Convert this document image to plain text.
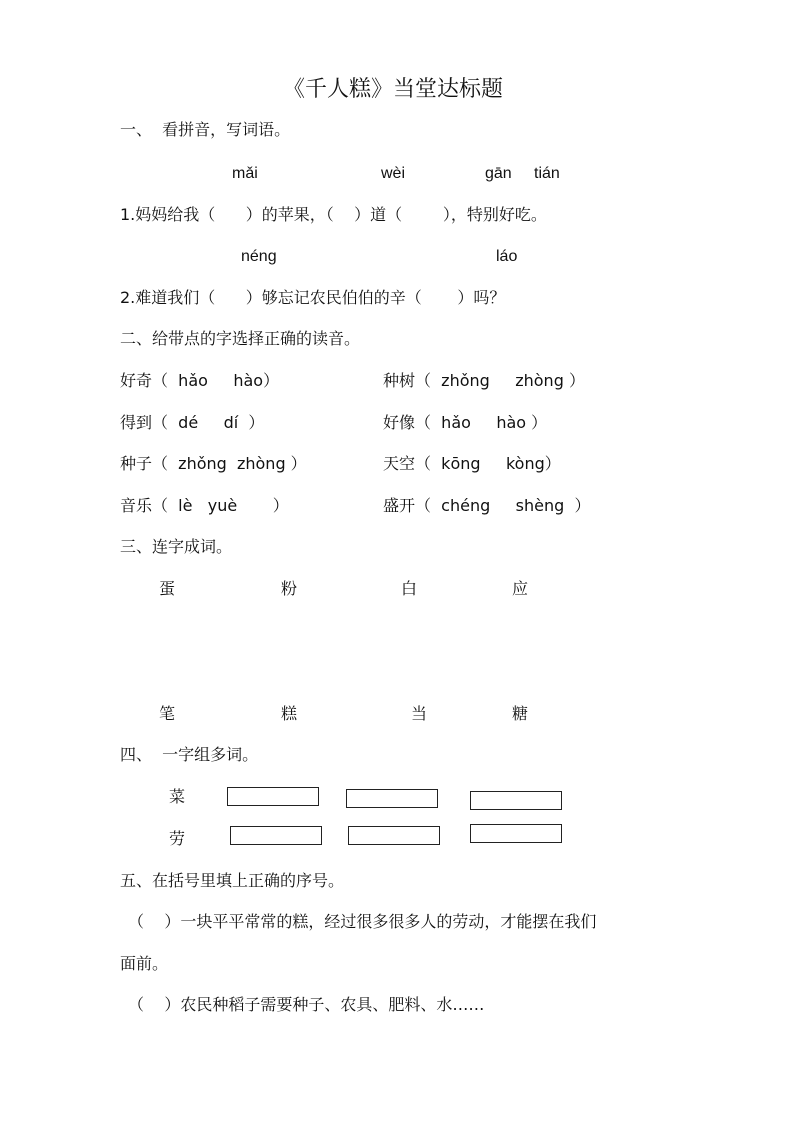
《千人糕》当堂达标题
一、  看拼音，写词语。
mǎi	wèi	gān tián
1.妈妈给我（      ）的苹果，（    ）道（        ），特别好吃。
néng	láo
2.难道我们（      ）够忘记农民伯伯的辛（       ）吗？
二、给带点的字选择正确的读音。
好奇（  hǎo     hào）	种树（  zhǒng     zhòng ）
得到（  dé     dí  ）	好像（  hǎo     hào ）
种子（  zhǒng  zhòng ）	天空（  kōng     kòng）
音乐（  lè   yuè       ）	盛开（  chéng     shèng  ）
三、连字成词。
蛋	粉	白	应
笔	糕	当	糖
四、  一字组多词。
菜
劳
五、在括号里填上正确的序号。
（    ）一块平平常常的糕，经过很多很多人的劳动，才能摆在我们
面前。
（    ）农民种稻子需要种子、农具、肥料、水……
